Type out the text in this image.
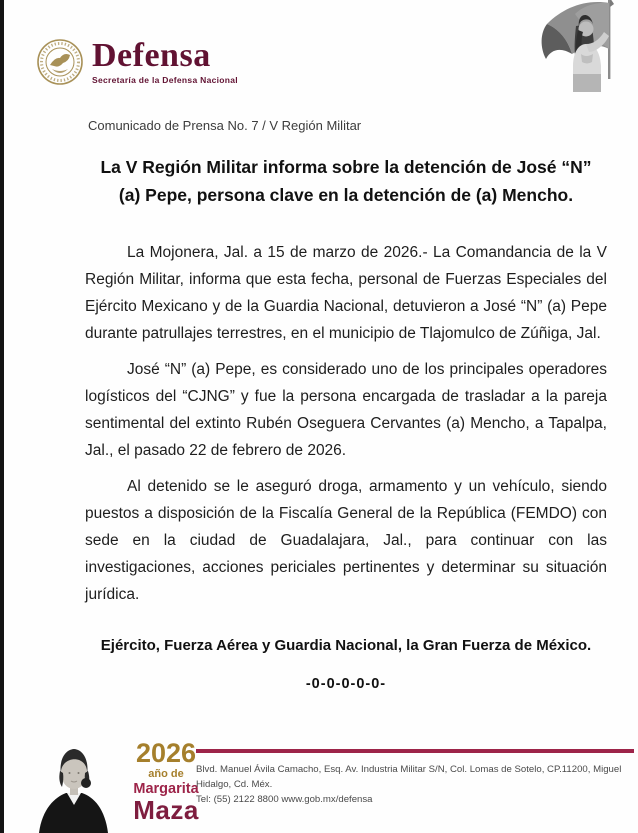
Defensa
Secretaría de la Defensa Nacional
Comunicado de Prensa No. 7 / V Región Militar
La V Región Militar informa sobre la detención de José “N”
(a) Pepe, persona clave en la detención de (a) Mencho.

La Mojonera, Jal. a 15 de marzo de 2026.- La Comandancia de la V Región Militar, informa que esta fecha, personal de Fuerzas Especiales del Ejército Mexicano y de la Guardia Nacional, detuvieron a José “N” (a) Pepe durante patrullajes terrestres, en el municipio de Tlajomulco de Zúñiga, Jal.

José “N” (a) Pepe, es considerado uno de los principales operadores logísticos del “CJNG” y fue la persona encargada de trasladar a la pareja sentimental del extinto Rubén Oseguera Cervantes (a) Mencho, a Tapalpa, Jal., el pasado 22 de febrero de 2026.

Al detenido se le aseguró droga, armamento y un vehículo, siendo puestos a disposición de la Fiscalía General de la República (FEMDO) con sede en la ciudad de Guadalajara, Jal., para continuar con las investigaciones, acciones periciales pertinentes y determinar su situación jurídica.

Ejército, Fuerza Aérea y Guardia Nacional, la Gran Fuerza de México.

-0-0-0-0-0-

2026
año de
Margarita
Maza
Blvd. Manuel Ávila Camacho, Esq. Av. Industria Militar S/N, Col. Lomas de Sotelo, CP.11200, Miguel Hidalgo, Cd. Méx.
Tel: (55) 2122 8800 www.gob.mx/defensa
